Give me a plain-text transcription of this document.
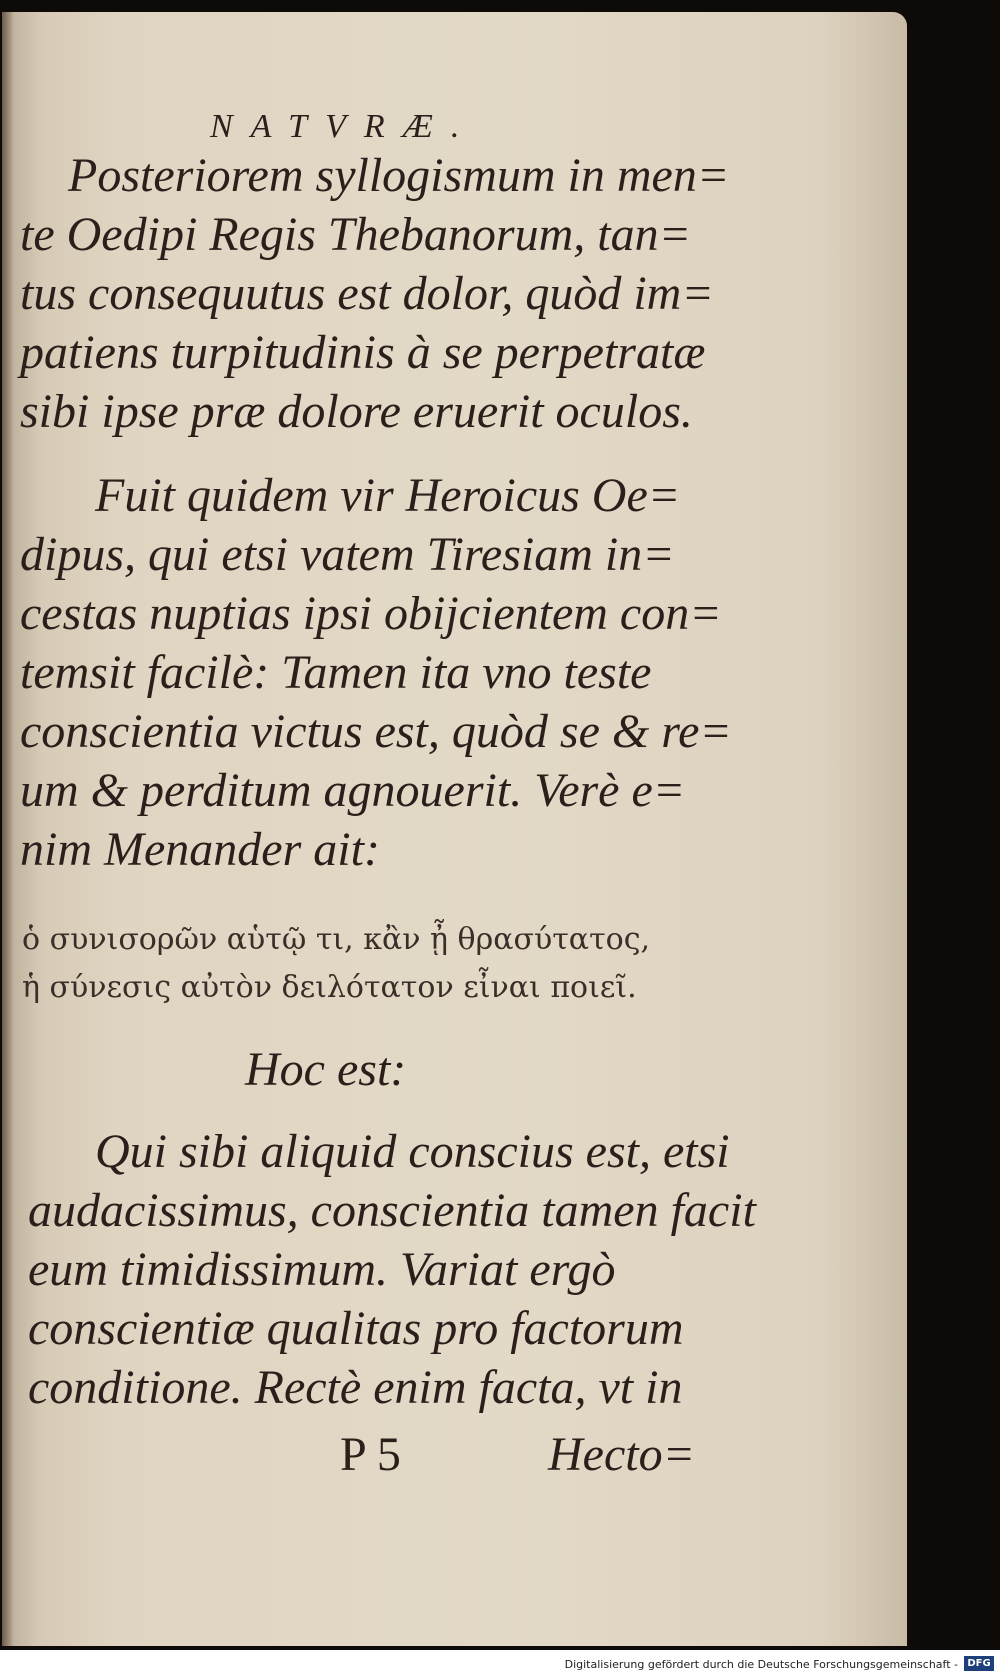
NATVRÆ.
Posteriorem syllogismum in men=
te Oedipi Regis Thebanorum, tan=
tus consequutus est dolor, quòd im=
patiens turpitudinis à se perpetratæ
sibi ipse præ dolore eruerit oculos.
Fuit quidem vir Heroicus Oe=
dipus, qui etsi vatem Tiresiam in=
cestas nuptias ipsi obijcientem con=
temsit facilè: Tamen ita vno teste
conscientia victus est, quòd se & re=
um & perditum agnouerit. Verè e=
nim Menander ait:
ὁ συνισορῶν αὑτῷ τι, κἂν ᾖ θρασύτατος,
ἡ σύνεσις αὐτὸν δειλότατον εἶναι ποιεῖ.
Hoc est:
Qui sibi aliquid conscius est, etsi
audacissimus, conscientia tamen facit
eum timidissimum. Variat ergò
conscientiæ qualitas pro factorum
conditione. Rectè enim facta, vt in
P 5	Hecto=
Digitalisierung gefördert durch die Deutsche Forschungsgemeinschaft - DFG
